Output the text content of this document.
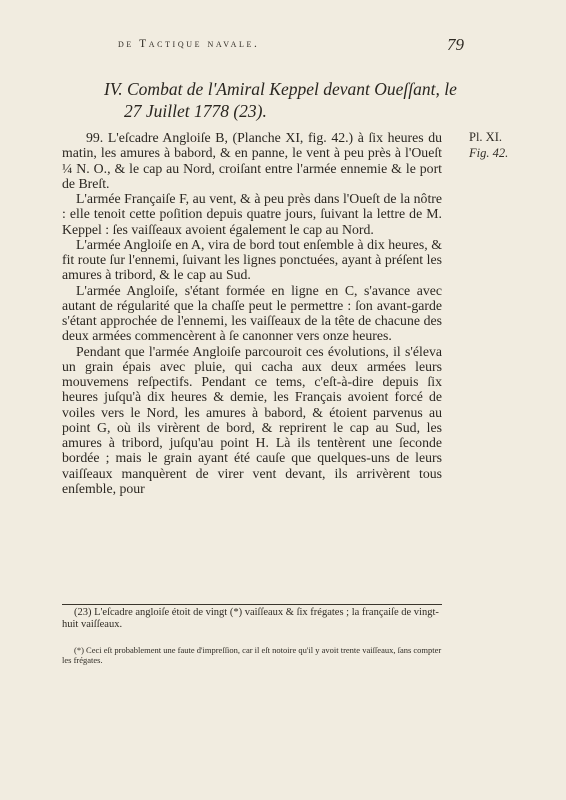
de Tactique navale.	79
IV. Combat de l'Amiral Keppel devant Oueſſant, le
27 Juillet 1778 (23).

99. L'eſcadre Angloiſe B, (Planche XI, fig. 42.) à ſix heures du matin, les amures à babord, & en panne, le vent à peu près à l'Oueſt ¼ N. O., & le cap au Nord, croiſant entre l'armée ennemie & le port de Breſt.

L'armée Françaiſe F, au vent, & à peu près dans l'Oueſt de la nôtre : elle tenoit cette poſition depuis quatre jours, ſuivant la lettre de M. Keppel : ſes vaiſſeaux avoient également le cap au Nord.

L'armée Angloiſe en A, vira de bord tout enſemble à dix heures, & fit route ſur l'ennemi, ſuivant les lignes ponctuées, ayant à préſent les amures à tribord, & le cap au Sud.

L'armée Angloiſe, s'étant formée en ligne en C, s'avance avec autant de régularité que la chaſſe peut le permettre : ſon avant-garde s'étant approchée de l'ennemi, les vaiſſeaux de la tête de chacune des deux armées commencèrent à ſe canonner vers onze heures.

Pendant que l'armée Angloiſe parcouroit ces évolutions, il s'éleva un grain épais avec pluie, qui cacha aux deux armées leurs mouvemens reſpectifs. Pendant ce tems, c'eſt-à-dire depuis ſix heures juſqu'à dix heures & demie, les Français avoient forcé de voiles vers le Nord, les amures à babord, & étoient parvenus au point G, où ils virèrent de bord, & reprirent le cap au Sud, les amures à tribord, juſqu'au point H. Là ils tentèrent une ſeconde bordée ; mais le grain ayant été cauſe que quelques-uns de leurs vaiſſeaux manquèrent de virer vent devant, ils arrivèrent tous enſemble, pour

Pl. XI.
Fig. 42.

(23) L'eſcadre angloiſe étoit de vingt (*) vaiſſeaux & ſix frégates ; la françaiſe de vingt-huit vaiſſeaux.

(*) Ceci eſt probablement une faute d'impreſſion, car il eſt notoire qu'il y avoit trente vaiſſeaux, ſans compter les frégates.
